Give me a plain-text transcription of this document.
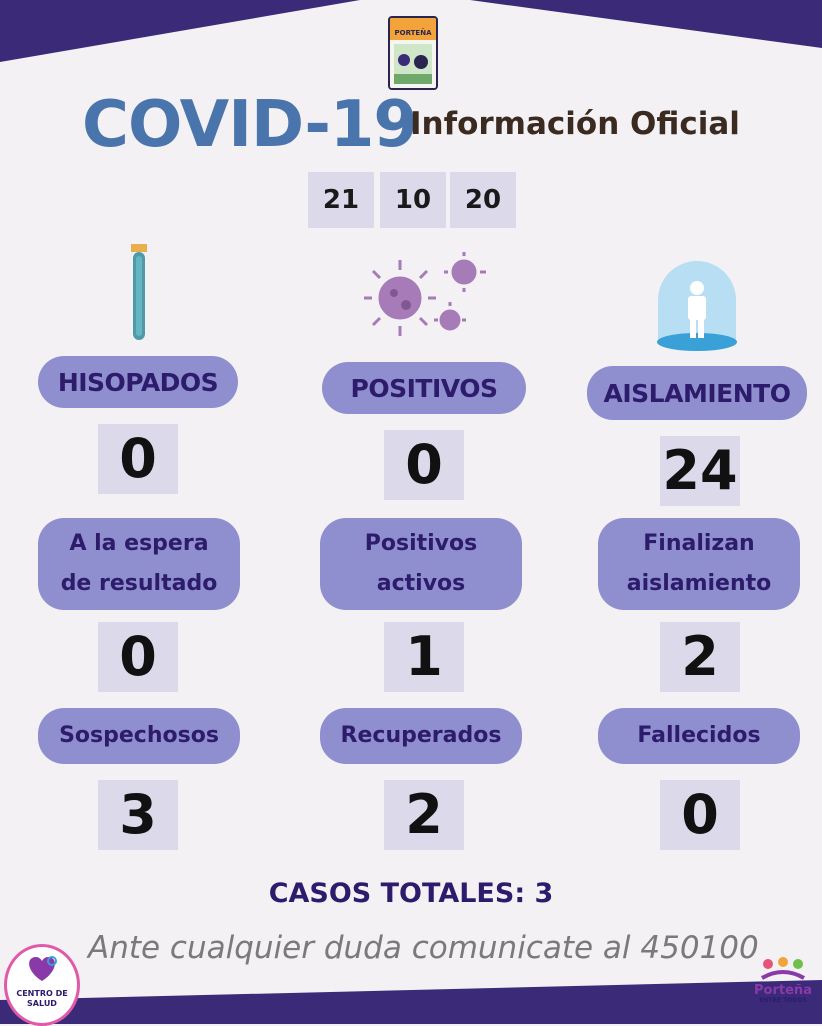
PORTEÑA
COVID-19
Información Oficial
21	10	20
HISOPADOS	POSITIVOS	AISLAMIENTO
0	0	24
A la espera
de resultado
Positivos
activos
Finalizan
aislamiento
0	1	2
Sospechosos	Recuperados	Fallecidos
3	2	0
CASOS TOTALES: 3
Ante cualquier duda comunicate al 450100
CENTRO DE
SALUD
Porteña
ENTRE TODOS
